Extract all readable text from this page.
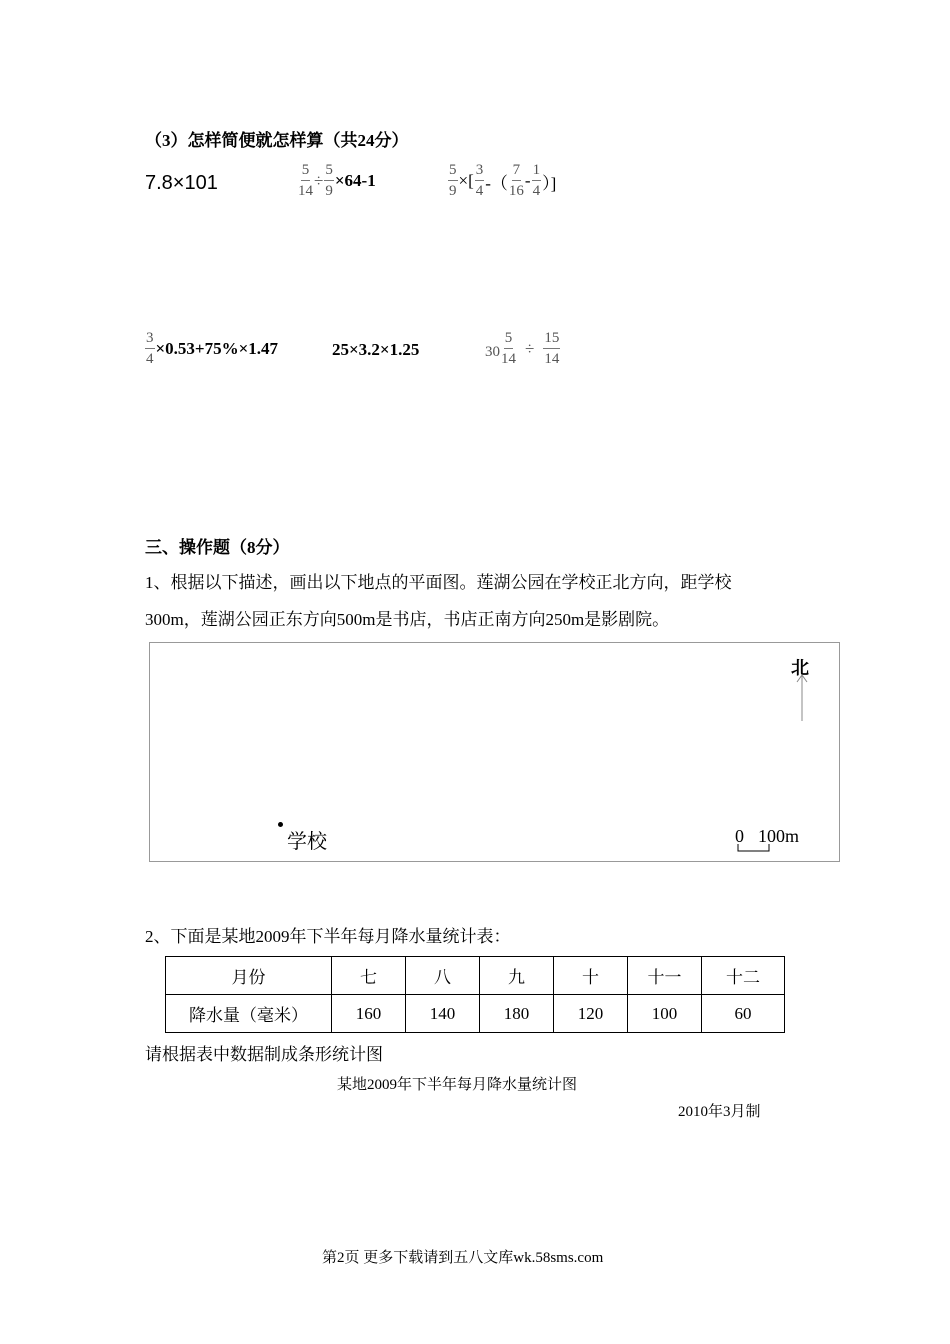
（3）怎样简便就怎样算（共24分）
7.8×101	$\frac{5}{14} \div \frac{5}{9} \times 64-1$	$\frac{5}{9}$ ×[ $\frac{3}{4}$ -（ $\frac{7}{16} - \frac{1}{4}$ ）]
$\frac{3}{4} \times 0.53+75\%\times 1.47$	25×3.2×1.25	$30 \frac{5}{14} \div \frac{15}{14}$
三、操作题（8分）
1、根据以下描述，画出以下地点的平面图。莲湖公园在学校正北方向，距学校
300m，莲湖公园正东方向500m是书店，书店正南方向250m是影剧院。
北
学校	0 100m
2、下面是某地2009年下半年每月降水量统计表：
月份	七	八	九	十	十一	十二
降水量（毫米）	160	140	180	120	100	60
请根据表中数据制成条形统计图
某地2009年下半年每月降水量统计图
2010年3月制
第2页 更多下载请到五八文库wk.58sms.com
